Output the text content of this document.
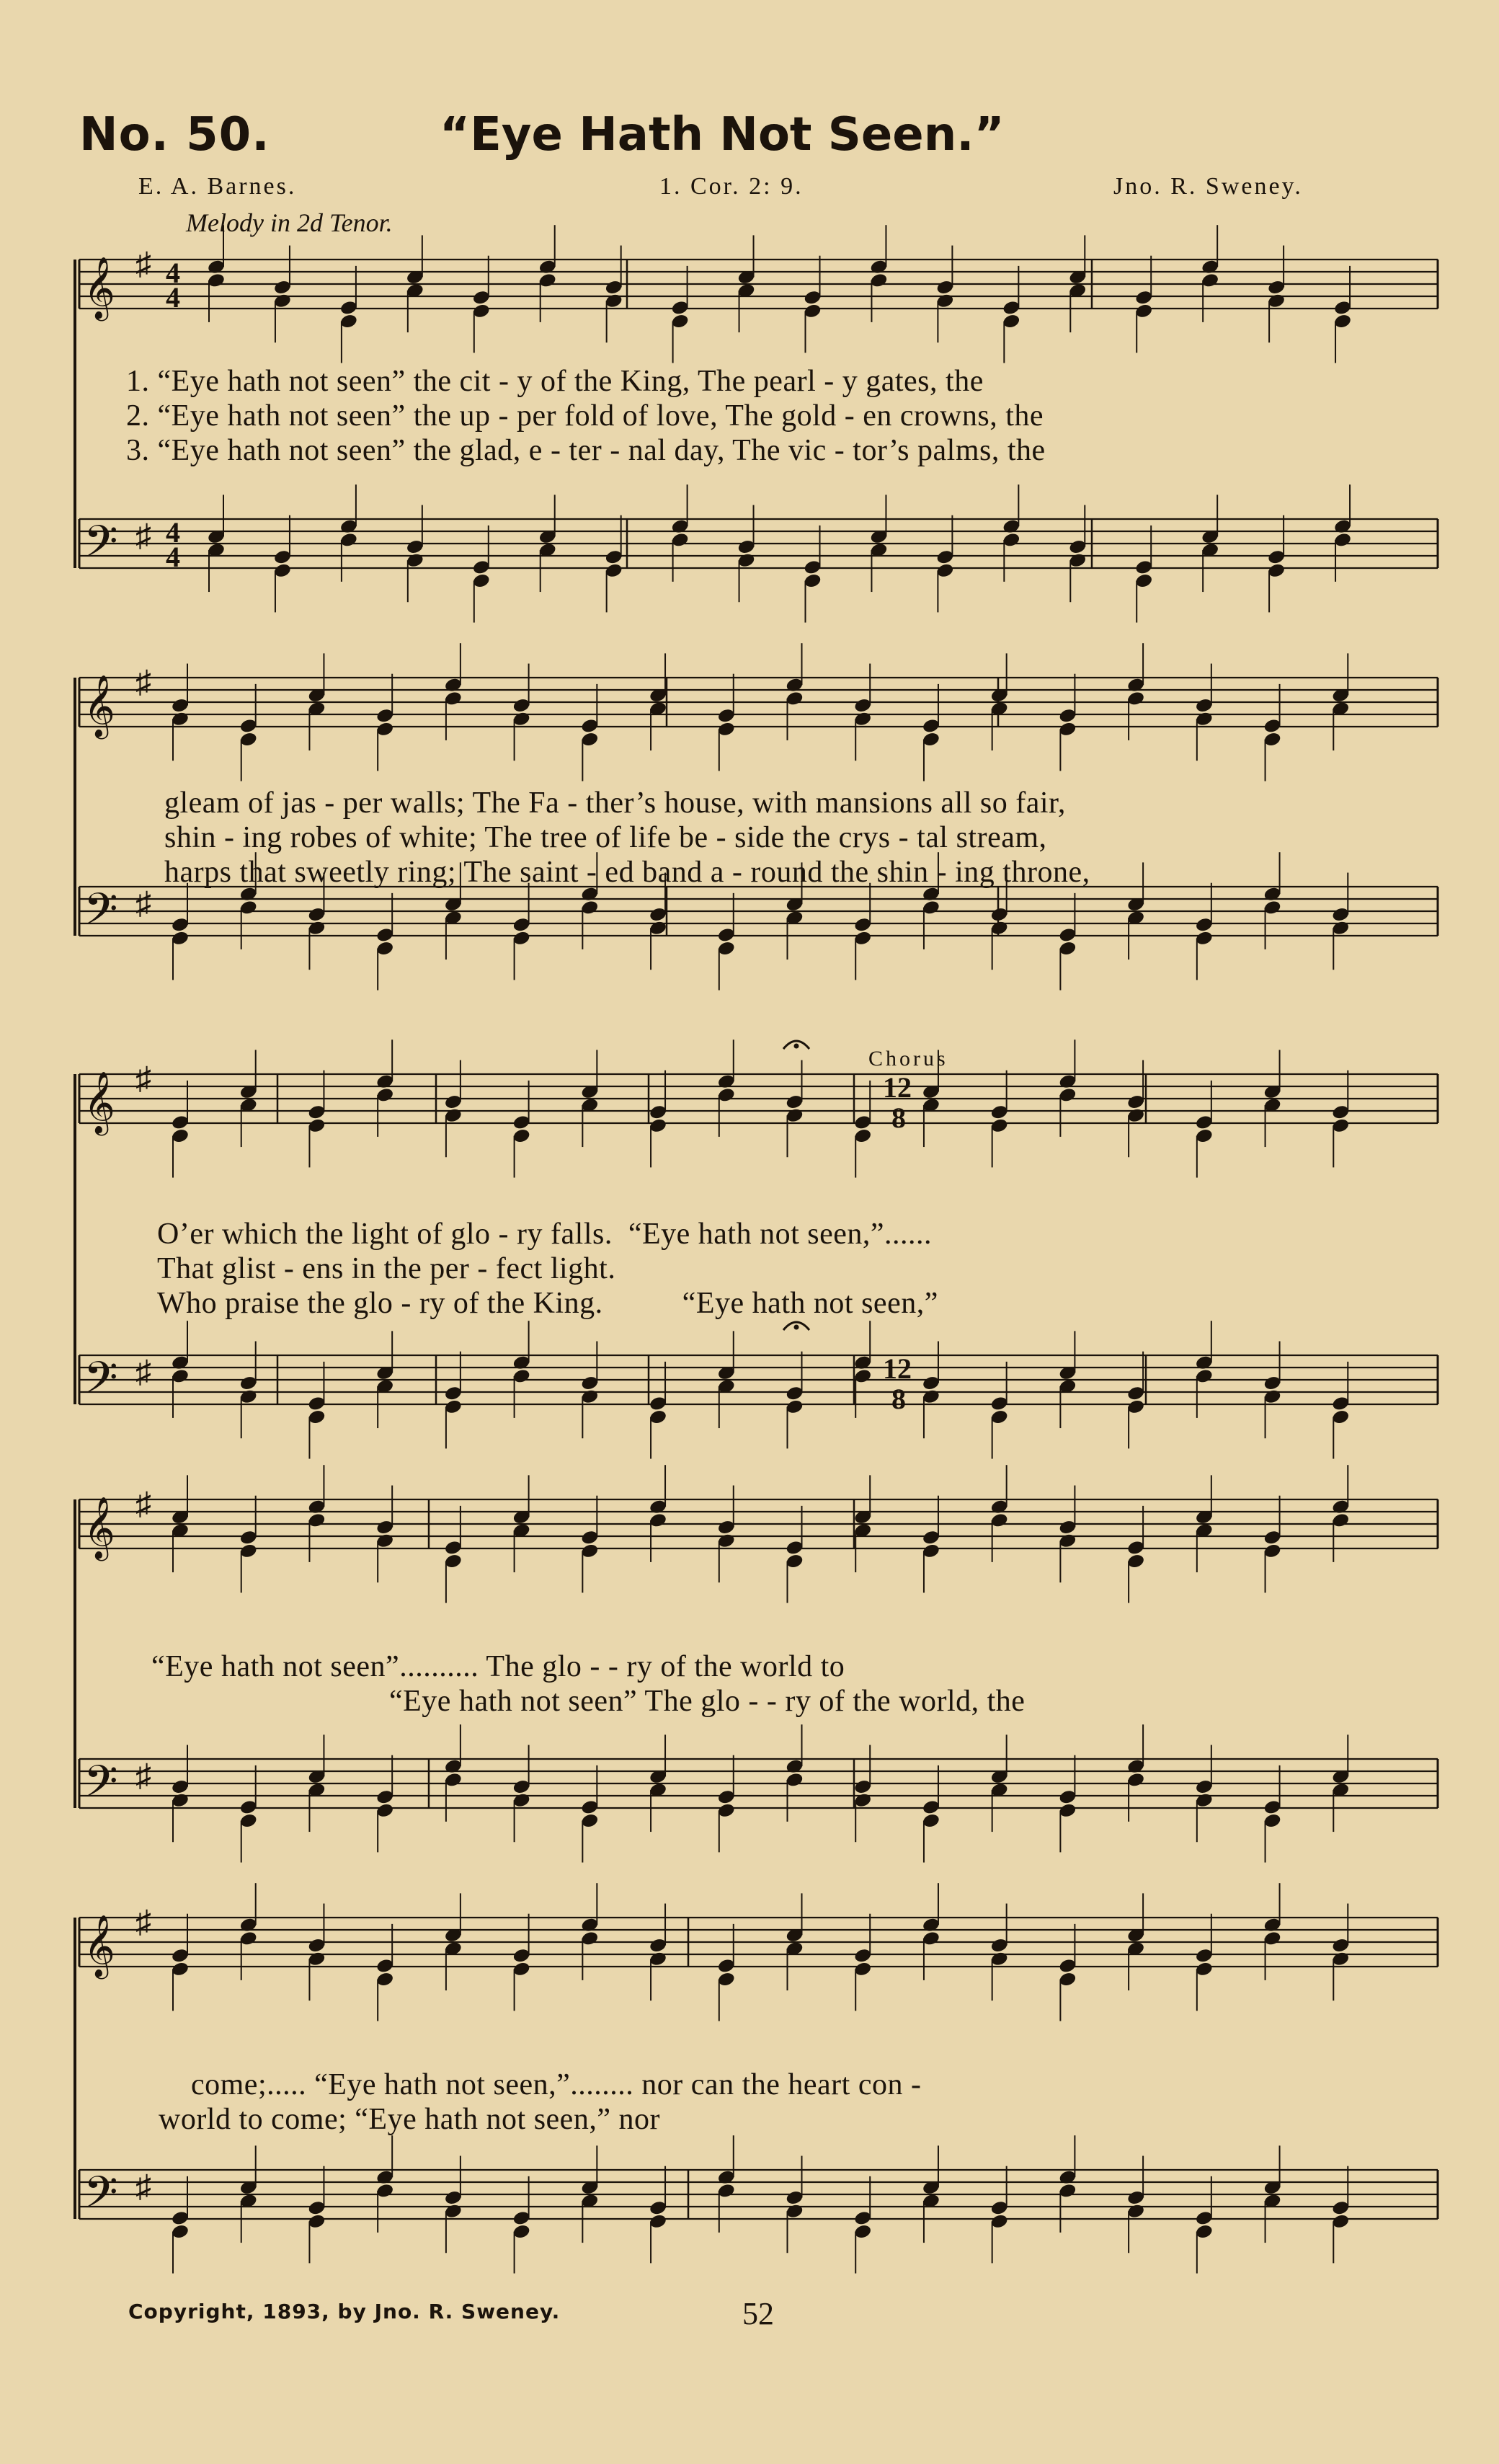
No. 50.	“Eye Hath Not Seen.”
E. A. Barnes.	1. Cor. 2: 9.	Jno. R. Sweney.
Melody in 2d Tenor.
𝄞 ♯ 4
4
𝄢 ♯ 4
4
𝄞 ♯
𝄢 ♯
𝄞 ♯
𝄢 ♯
𝄞 ♯
𝄢 ♯
𝄞 ♯
𝄢 ♯
12
8
12
8
1. “Eye hath not seen” the cit - y of the King, The pearl - y gates, the
2. “Eye hath not seen” the up - per fold of love, The gold - en crowns, the
3. “Eye hath not seen” the glad, e - ter - nal day, The vic - tor’s palms, the
gleam of jas - per walls; The Fa - ther’s house, with mansions all so fair,
shin - ing robes of white; The tree of life be - side the crys - tal stream,
harps that sweetly ring; The saint - ed band a - round the shin - ing throne,
Chorus
O’er which the light of glo - ry falls.  “Eye hath not seen,”......
That glist - ens in the per - fect light.
Who praise the glo - ry of the King.          “Eye hath not seen,”
“Eye hath not seen”.......... The glo - - ry of the world to
“Eye hath not seen” The glo - - ry of the world, the
come;..... “Eye hath not seen,”........ nor can the heart con -
world to come; “Eye hath not seen,” nor
Copyright, 1893, by Jno. R. Sweney.	52
